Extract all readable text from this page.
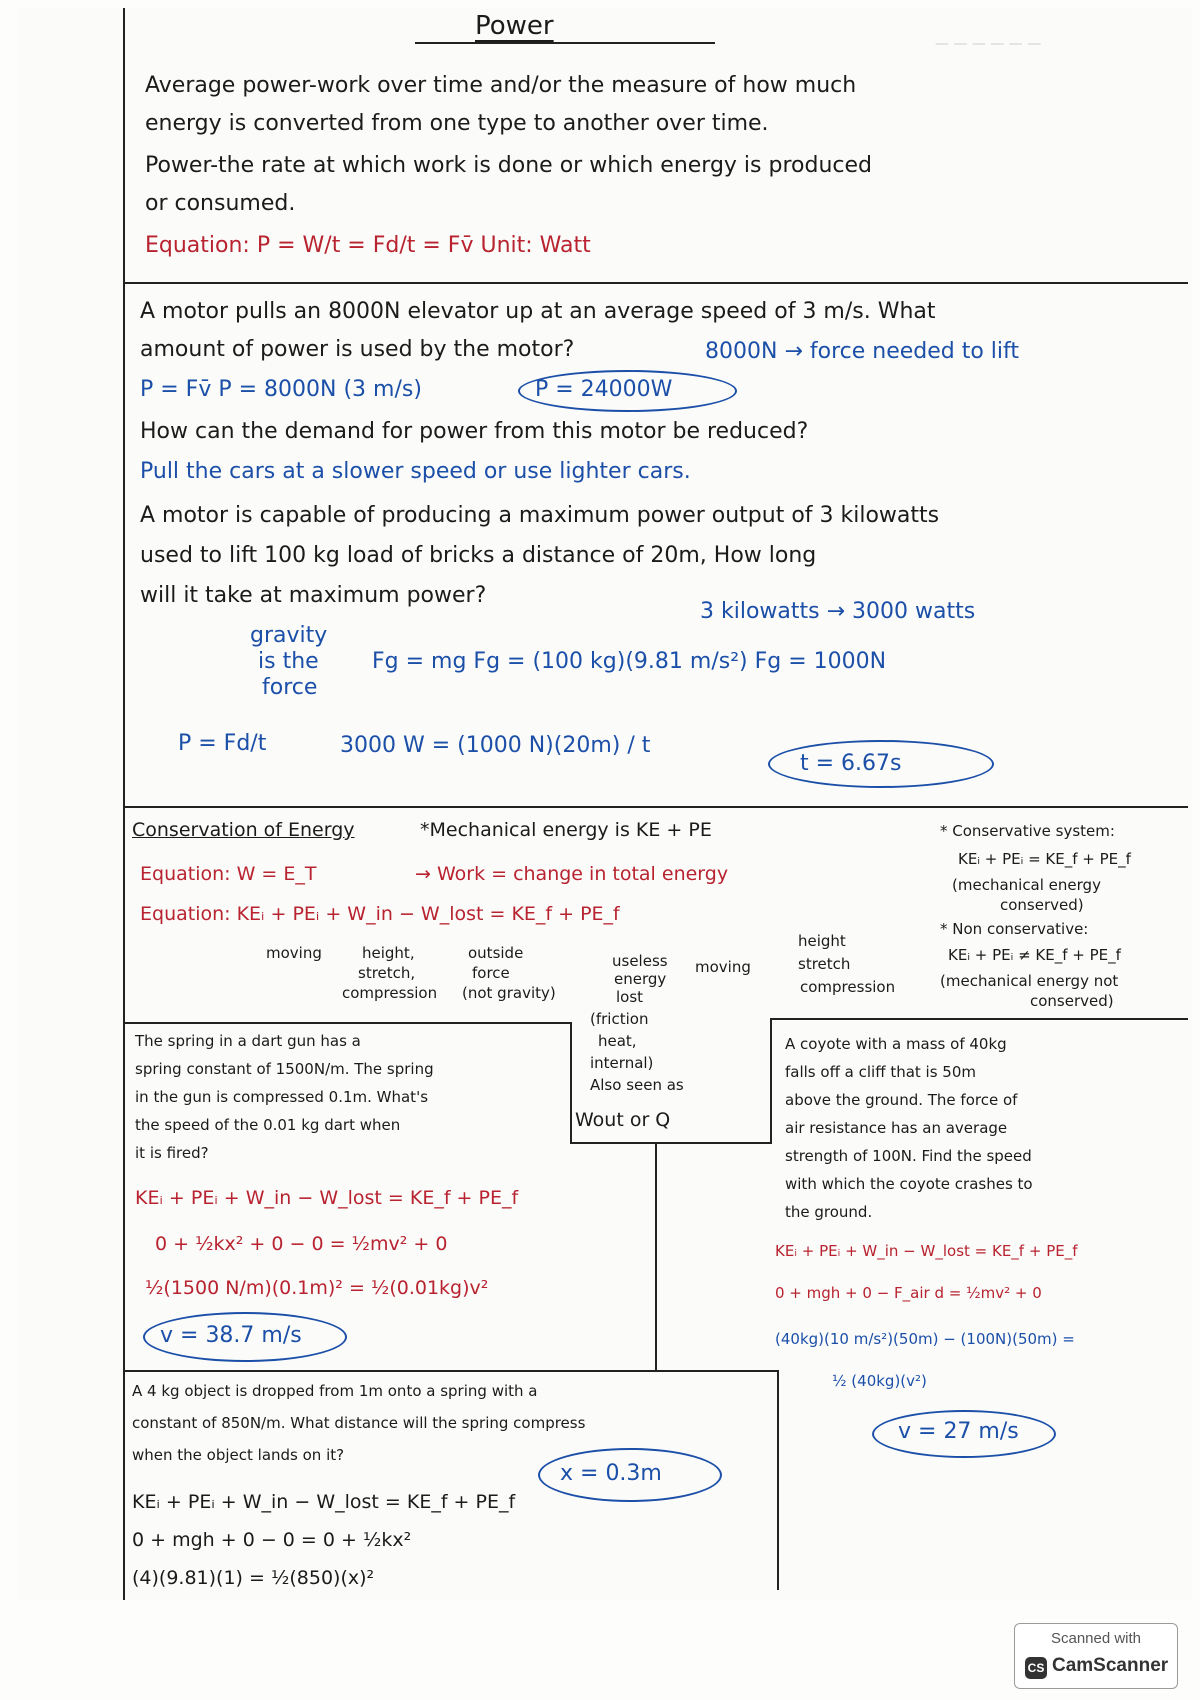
— — — — — —
Power
Average power-work over time and/or the measure of how much
energy is converted from one type to another over time.
Power-the rate at which work is done or which energy is produced
or consumed.
Equation: P = W/t = Fd/t = Fv̄ Unit: Watt
A motor pulls an 8000N elevator up at an average speed of 3 m/s. What
amount of power is used by the motor?	8000N → force needed to lift
P = Fv̄ P = 8000N (3 m/s)	P = 24000W
How can the demand for power from this motor be reduced?
Pull the cars at a slower speed or use lighter cars.
A motor is capable of producing a maximum power output of 3 kilowatts
used to lift 100 kg load of bricks a distance of 20m, How long
will it take at maximum power?
3 kilowatts → 3000 watts
gravity
is the
force
Fg = mg Fg = (100 kg)(9.81 m/s²) Fg = 1000N
P = Fd/t	3000 W = (1000 N)(20m) / t
t = 6.67s
Conservation of Energy	*Mechanical energy is KE + PE
Equation: W = E_T	→ Work = change in total energy
Equation: KEᵢ + PEᵢ + W_in − W_lost = KE_f + PE_f
moving	height,
stretch,
compression
outside
force
(not gravity)
useless
energy
lost
moving
height
stretch
compression
* Conservative system:
KEᵢ + PEᵢ = KE_f + PE_f
(mechanical energy
conserved)
* Non conservative:
KEᵢ + PEᵢ ≠ KE_f + PE_f
(mechanical energy not
conserved)
(friction
heat,
internal)
Also seen as
Wout or Q
The spring in a dart gun has a
spring constant of 1500N/m. The spring
in the gun is compressed 0.1m. What's
the speed of the 0.01 kg dart when
it is fired?
KEᵢ + PEᵢ + W_in − W_lost = KE_f + PE_f
0 + ½kx² + 0 − 0 = ½mv² + 0
½(1500 N/m)(0.1m)² = ½(0.01kg)v²
v = 38.7 m/s
A coyote with a mass of 40kg
falls off a cliff that is 50m
above the ground. The force of
air resistance has an average
strength of 100N. Find the speed
with which the coyote crashes to
the ground.
KEᵢ + PEᵢ + W_in − W_lost = KE_f + PE_f
0 + mgh + 0 − F_air d = ½mv² + 0
(40kg)(10 m/s²)(50m) − (100N)(50m) =
½ (40kg)(v²)
v = 27 m/s
A 4 kg object is dropped from 1m onto a spring with a
constant of 850N/m. What distance will the spring compress
when the object lands on it?
x = 0.3m
KEᵢ + PEᵢ + W_in − W_lost = KE_f + PE_f
0 + mgh + 0 − 0 = 0 + ½kx²
(4)(9.81)(1) = ½(850)(x)²
Scanned with
CS CamScanner
